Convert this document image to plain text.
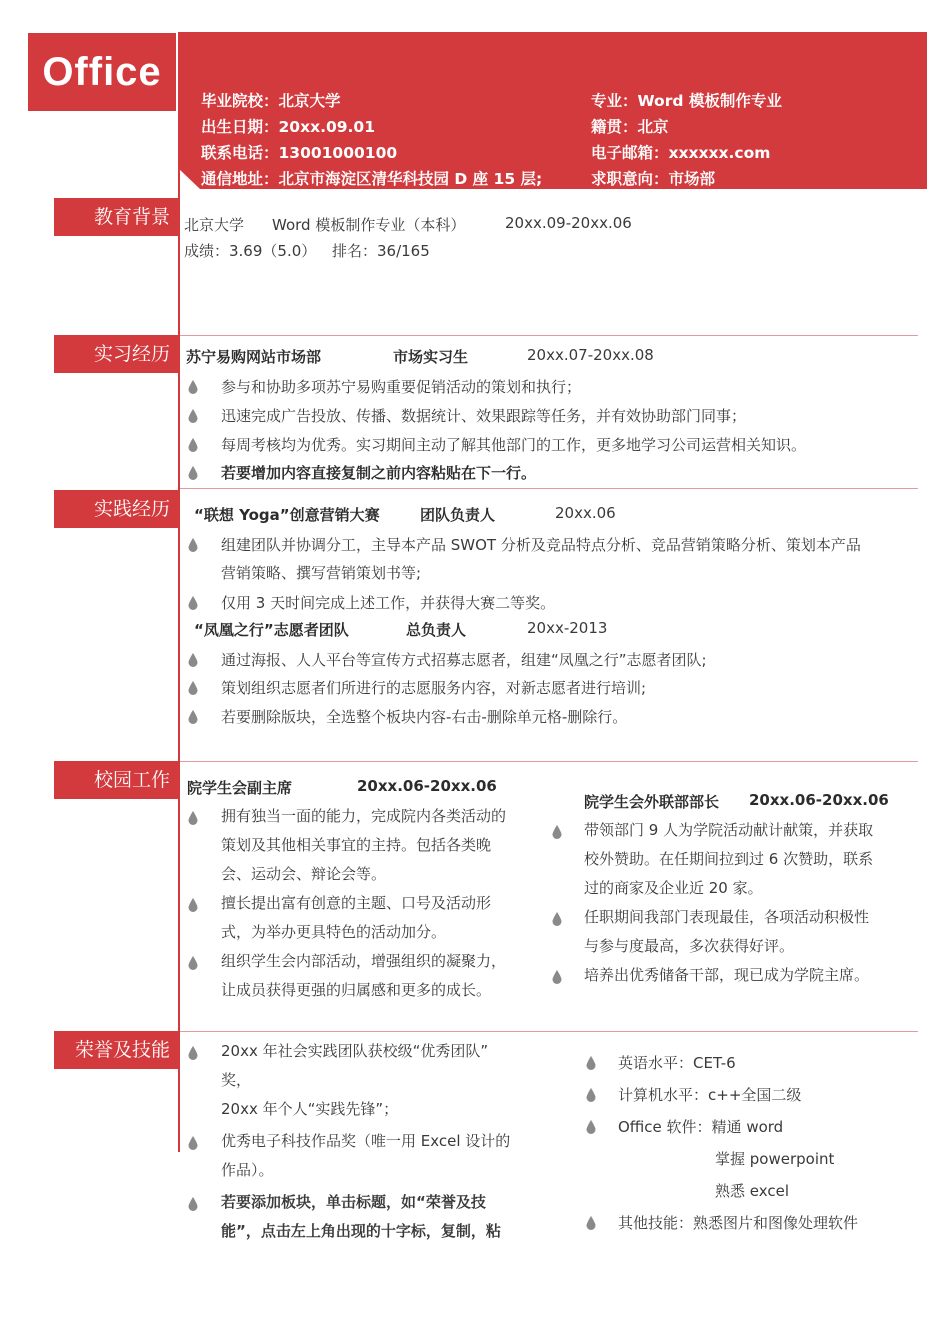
Office
毕业院校：北京大学
出生日期：20xx.09.01
联系电话：13001000100
通信地址：北京市海淀区清华科技园 D 座 15 层;
专业：Word 模板制作专业
籍贯：北京
电子邮箱：xxxxxx.com
求职意向：市场部
教育背景 北京大学 Word 模板制作专业（本科）	20xx.09-20xx.06
成绩：3.69（5.0） 排名：36/165
实习经历	苏宁易购网站市场部	市场实习生	20xx.07-20xx.08
参与和协助多项苏宁易购重要促销活动的策划和执行；
迅速完成广告投放、传播、数据统计、效果跟踪等任务，并有效协助部门同事；
每周考核均为优秀。实习期间主动了解其他部门的工作，更多地学习公司运营相关知识。
若要增加内容直接复制之前内容粘贴在下一行。
实践经历	“联想 Yoga”创意营销大赛	团队负责人	20xx.06
组建团队并协调分工，主导本产品 SWOT 分析及竞品特点分析、竞品营销策略分析、策划本产品
营销策略、撰写营销策划书等;
仅用 3 天时间完成上述工作，并获得大赛二等奖。
“凤凰之行”志愿者团队	总负责人	20xx-2013
通过海报、人人平台等宣传方式招募志愿者，组建“凤凰之行”志愿者团队;
策划组织志愿者们所进行的志愿服务内容，对新志愿者进行培训;
若要删除版块，全选整个板块内容-右击-删除单元格-删除行。
校园工作	院学生会副主席	20xx.06-20xx.06
拥有独当一面的能力，完成院内各类活动的
策划及其他相关事宜的主持。包括各类晚
会、运动会、辩论会等。
擅长提出富有创意的主题、口号及活动形
式，为举办更具特色的活动加分。
组织学生会内部活动，增强组织的凝聚力，
让成员获得更强的归属感和更多的成长。
院学生会外联部部长 20xx.06-20xx.06
带领部门 9 人为学院活动献计献策，并获取
校外赞助。在任期间拉到过 6 次赞助，联系
过的商家及企业近 20 家。
任职期间我部门表现最佳，各项活动积极性
与参与度最高，多次获得好评。
培养出优秀储备干部，现已成为学院主席。
荣誉及技能	20xx 年社会实践团队获校级“优秀团队”
奖，
20xx 年个人“实践先锋”；
优秀电子科技作品奖（唯一用 Excel 设计的
作品）。
若要添加板块，单击标题，如“荣誉及技
能”，点击左上角出现的十字标，复制，粘
英语水平：CET-6
计算机水平：c++全国二级
Office 软件：精通 word
掌握 powerpoint
熟悉 excel
其他技能：熟悉图片和图像处理软件
